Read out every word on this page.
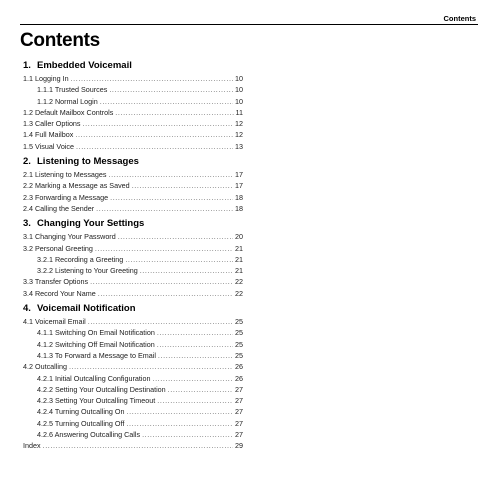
Contents
Contents
1. Embedded Voicemail
1.1 Logging In .....	10
1.1.1 Trusted Sources .....	10
1.1.2 Normal Login .....	10
1.2 Default Mailbox Controls .....	11
1.3 Caller Options .....	12
1.4 Full Mailbox .....	12
1.5 Visual Voice .....	13
2. Listening to Messages
2.1 Listening to Messages .....	17
2.2 Marking a Message as Saved .....	17
2.3 Forwarding a Message .....	18
2.4 Calling the Sender .....	18
3. Changing Your Settings
3.1 Changing Your Password .....	20
3.2 Personal Greeting .....	21
3.2.1 Recording a Greeting .....	21
3.2.2 Listening to Your Greeting .....	21
3.3 Transfer Options .....	22
3.4 Record Your Name .....	22
4. Voicemail Notification
4.1 Voicemail Email .....	25
4.1.1 Switching On Email Notification .....	25
4.1.2 Switching Off Email Notification .....	25
4.1.3 To Forward a Message to Email .....	25
4.2 Outcalling .....	26
4.2.1 Initial Outcalling Configuration .....	26
4.2.2 Setting Your Outcalling Destination .....	27
4.2.3 Setting Your Outcalling Timeout .....	27
4.2.4 Turning Outcalling On .....	27
4.2.5 Turning Outcalling Off .....	27
4.2.6 Answering Outcalling Calls .....	27
Index .....	29
